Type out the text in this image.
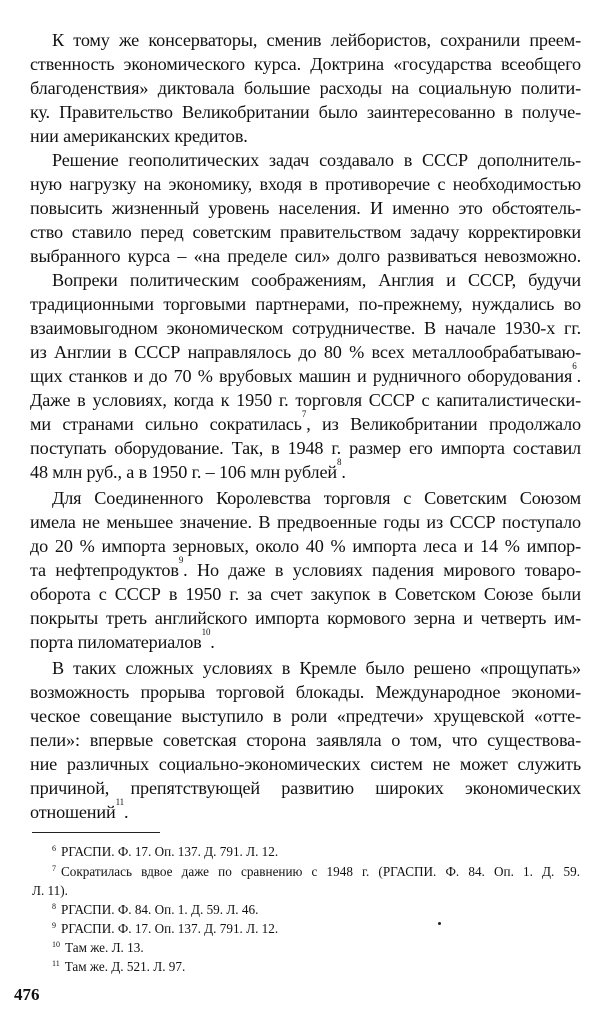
К тому же консерваторы, сменив лейбористов, сохранили преем-
ственность экономического курса. Доктрина «государства всеобщего
благоденствия» диктовала большие расходы на социальную полити-
ку. Правительство Великобритании было заинтересованно в получе-
нии американских кредитов.
Решение геополитических задач создавало в СССР дополнитель-
ную нагрузку на экономику, входя в противоречие с необходимостью
повысить жизненный уровень населения. И именно это обстоятель-
ство ставило перед советским правительством задачу корректировки
выбранного курса – «на пределе сил» долго развиваться невозможно.
Вопреки политическим соображениям, Англия и СССР, будучи
традиционными торговыми партнерами, по-прежнему, нуждались во
взаимовыгодном экономическом сотрудничестве. В начале 1930-х гг.
из Англии в СССР направлялось до 80 % всех металлообрабатываю-
щих станков и до 70 % врубовых машин и рудничного оборудования$^6$.
Даже в условиях, когда к 1950 г. торговля СССР с капиталистически-
ми странами сильно сократилась$^7$, из Великобритании продолжало
поступать оборудование. Так, в 1948 г. размер его импорта составил
48 млн руб., а в 1950 г. – 106 млн рублей$^8$.
Для Соединенного Королевства торговля с Советским Союзом
имела не меньшее значение. В предвоенные годы из СССР поступало
до 20 % импорта зерновых, около 40 % импорта леса и 14 % импор-
та нефтепродуктов$^9$. Но даже в условиях падения мирового товаро-
оборота с СССР в 1950 г. за счет закупок в Советском Союзе были
покрыты треть английского импорта кормового зерна и четверть им-
порта пиломатериалов$^{10}$.
В таких сложных условиях в Кремле было решено «прощупать»
возможность прорыва торговой блокады. Международное экономи-
ческое совещание выступило в роли «предтечи» хрущевской «отте-
пели»: впервые советская сторона заявляла о том, что существова-
ние различных социально-экономических систем не может служить
причиной, препятствующей развитию широких экономических
отношений$^{11}$.
$^6$ РГАСПИ. Ф. 17. Оп. 137. Д. 791. Л. 12.
$^7$ Сократилась вдвое даже по сравнению с 1948 г. (РГАСПИ. Ф. 84. Оп. 1. Д. 59.
Л. 11).
$^8$ РГАСПИ. Ф. 84. Оп. 1. Д. 59. Л. 46.
$^9$ РГАСПИ. Ф. 17. Оп. 137. Д. 791. Л. 12.
$^{10}$ Там же. Л. 13.
$^{11}$ Там же. Д. 521. Л. 97.
476
